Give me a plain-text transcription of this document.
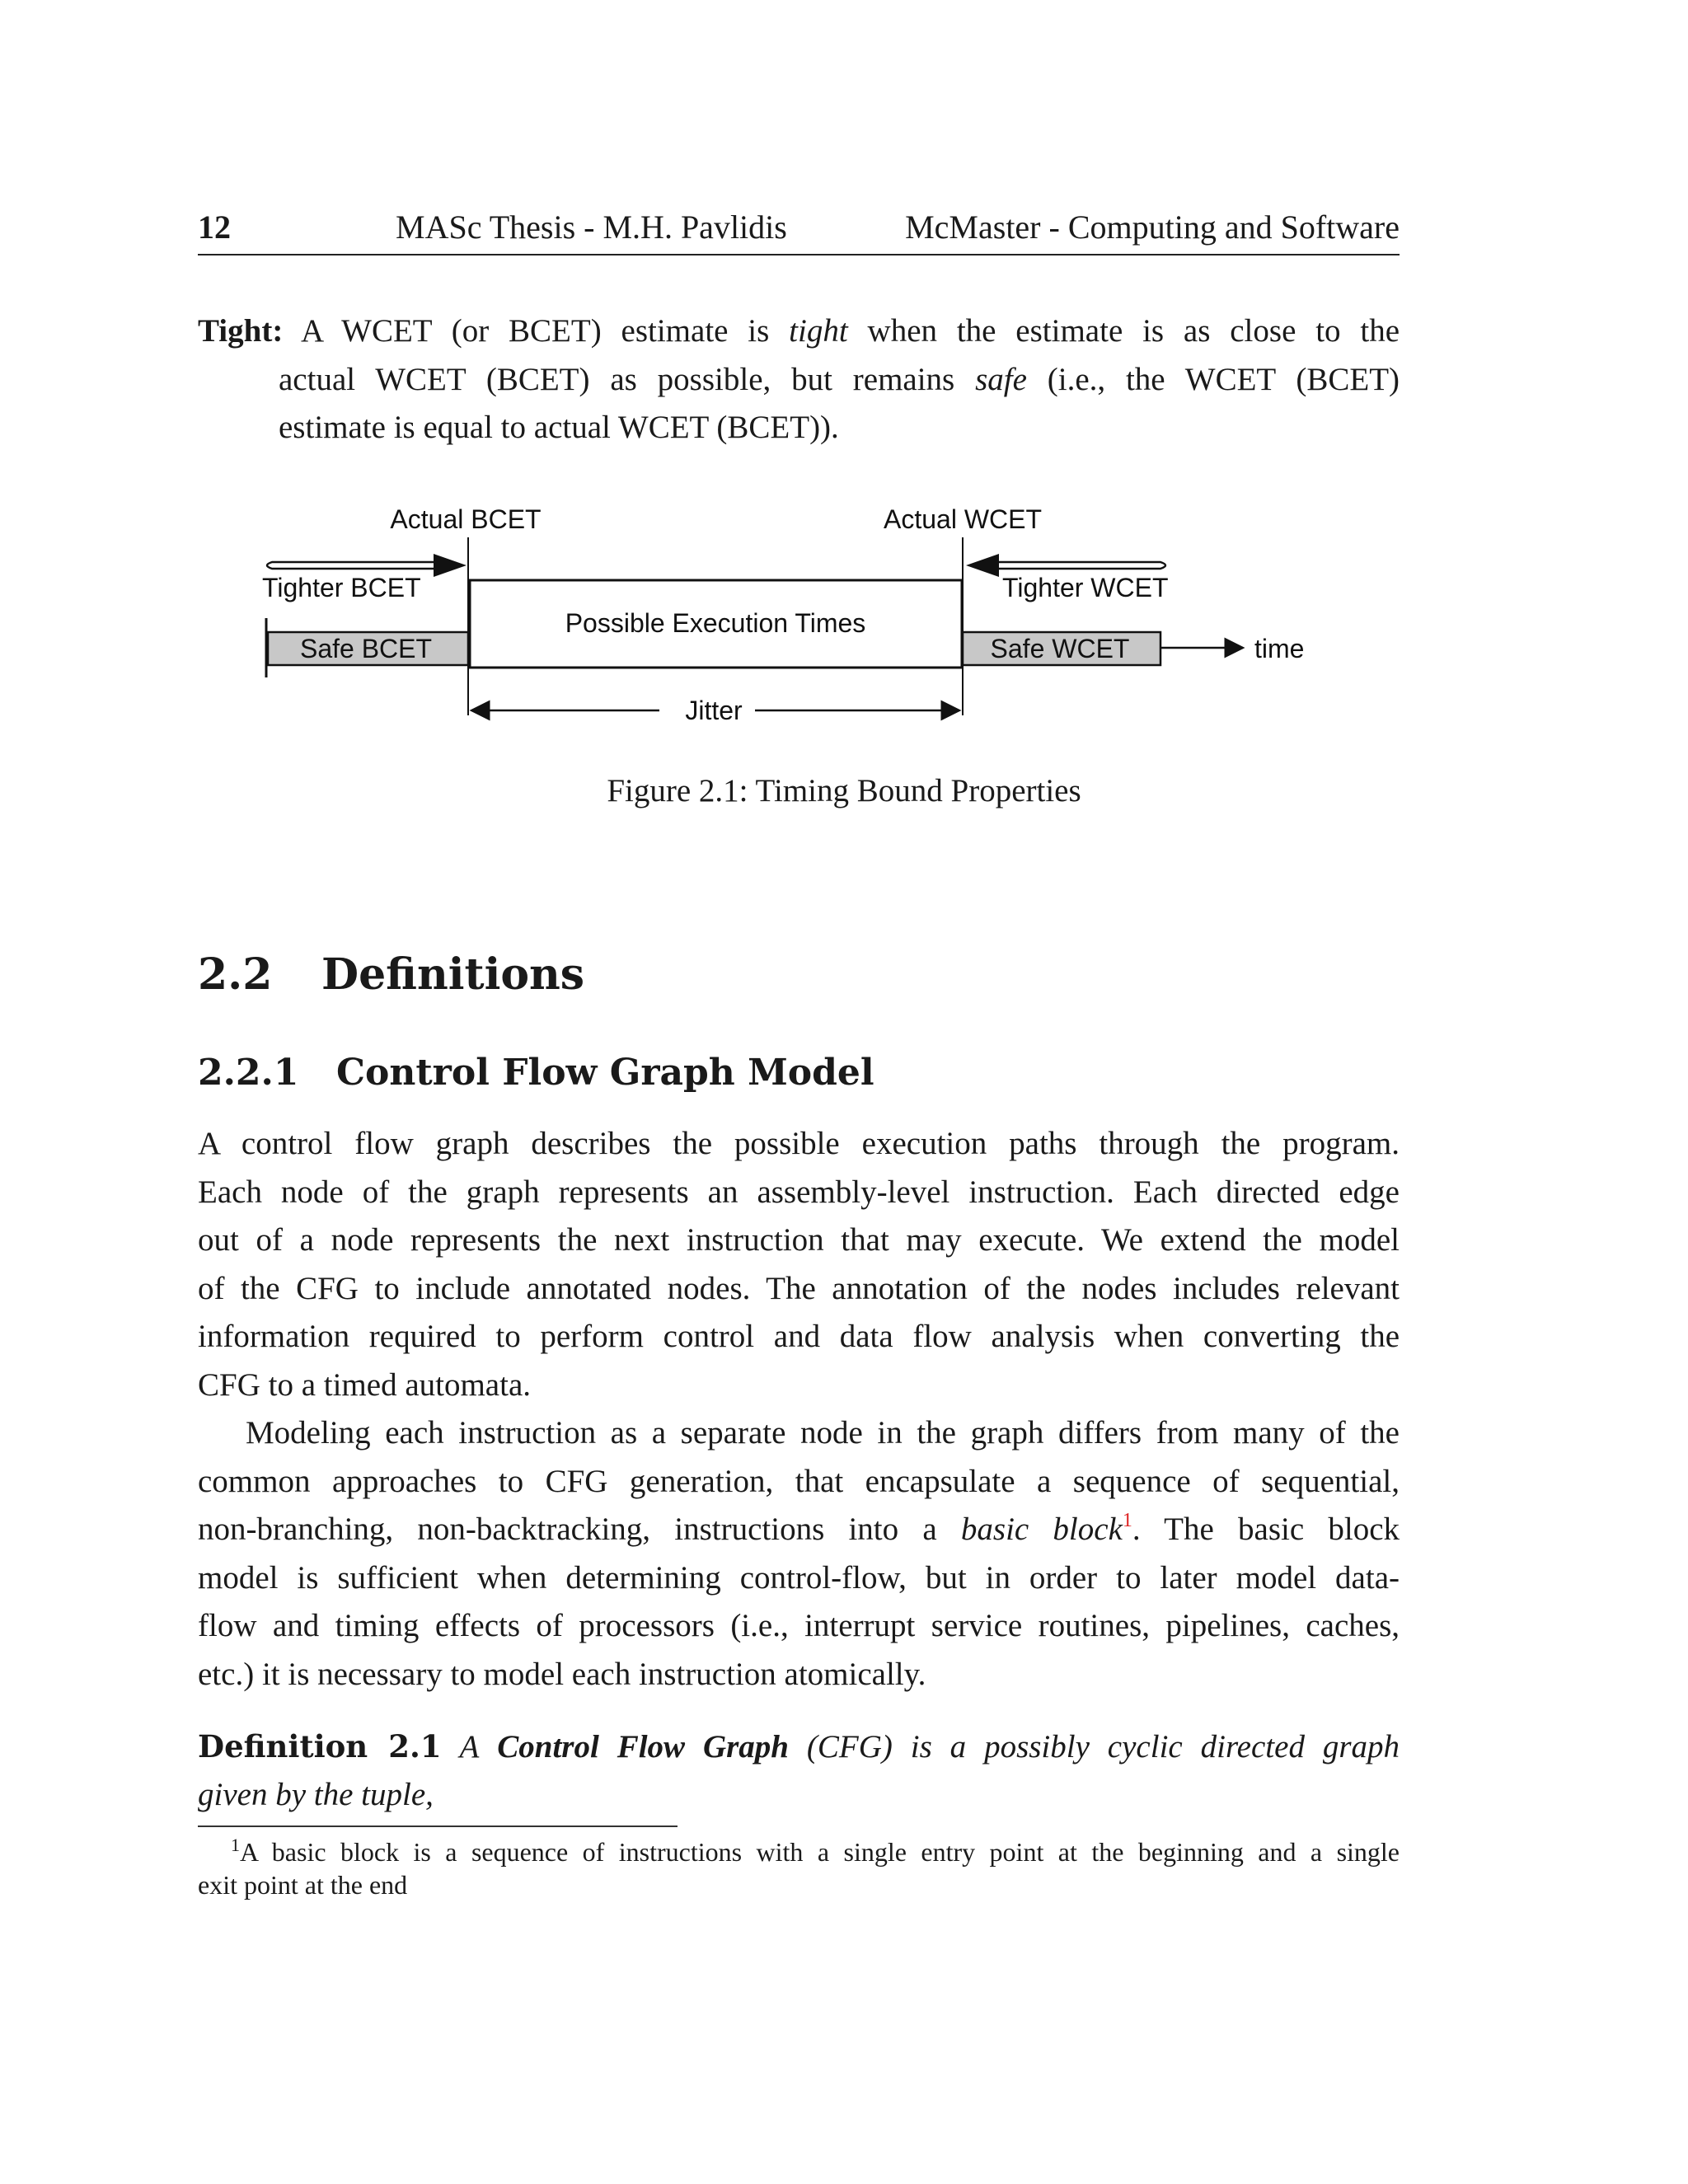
12	MASc Thesis - M.H. Pavlidis	McMaster - Computing and Software
Tight: A WCET (or BCET) estimate is tight when the estimate is as close to the
actual WCET (BCET) as possible, but remains safe (i.e., the WCET (BCET)
estimate is equal to actual WCET (BCET)).
Actual BCET	Actual WCET
Tighter BCET	Tighter WCET
Possible Execution Times
Safe BCET	Safe WCET	time
Jitter
Figure 2.1: Timing Bound Properties
2.2 Definitions
2.2.1 Control Flow Graph Model
A control flow graph describes the possible execution paths through the program.
Each node of the graph represents an assembly-level instruction. Each directed edge
out of a node represents the next instruction that may execute. We extend the model
of the CFG to include annotated nodes. The annotation of the nodes includes relevant
information required to perform control and data flow analysis when converting the
CFG to a timed automata.
Modeling each instruction as a separate node in the graph differs from many of the
common approaches to CFG generation, that encapsulate a sequence of sequential,
non-branching, non-backtracking, instructions into a basic block$^1$. The basic block
model is sufficient when determining control-flow, but in order to later model data-
flow and timing effects of processors (i.e., interrupt service routines, pipelines, caches,
etc.) it is necessary to model each instruction atomically.
Definition 2.1 A Control Flow Graph (CFG) is a possibly cyclic directed graph
given by the tuple,
$^1$A basic block is a sequence of instructions with a single entry point at the beginning and a single
exit point at the end
